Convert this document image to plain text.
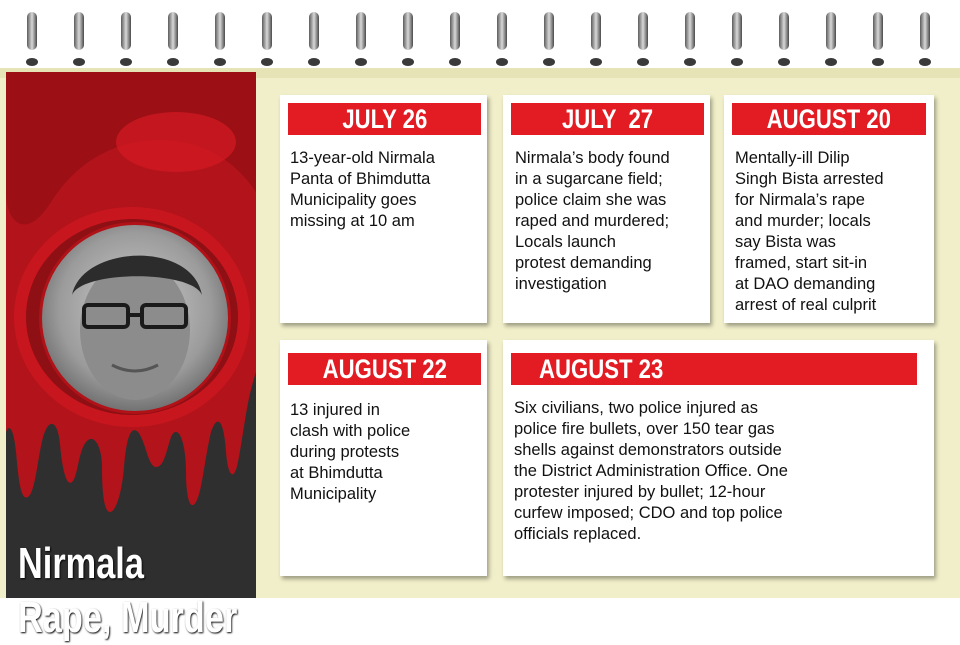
Nirmala
Rape, Murder
JULY 26
13-year-old Nirmala
Panta of Bhimdutta
Municipality goes
missing at 10 am
JULY  27
Nirmala’s body found
in a sugarcane field;
police claim she was
raped and murdered;
Locals launch
protest demanding
investigation
AUGUST 20
Mentally-ill Dilip
Singh Bista arrested
for Nirmala’s rape
and murder; locals
say Bista was
framed, start sit-in
at DAO demanding
arrest of real culprit
AUGUST 22
13 injured in
clash with police
during protests
at Bhimdutta
Municipality
AUGUST 23
Six civilians, two police injured as
police fire bullets, over 150 tear gas
shells against demonstrators outside
the District Administration Office. One
protester injured by bullet; 12-hour
curfew imposed; CDO and top police
officials replaced.
